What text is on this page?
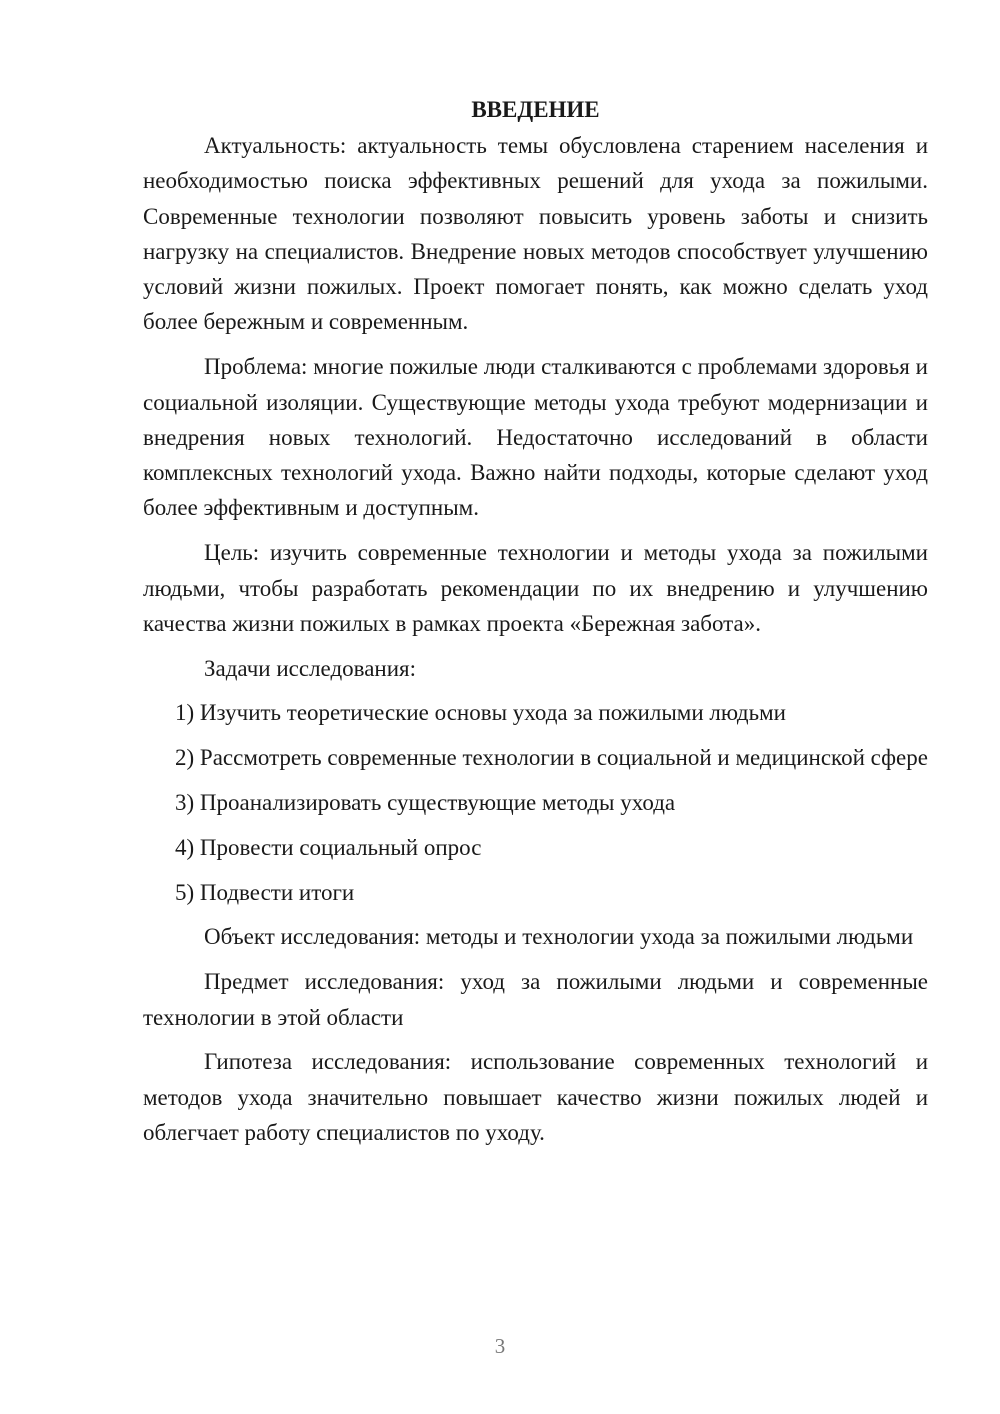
ВВЕДЕНИЕ

Актуальность: актуальность темы обусловлена старением населения и необходимостью поиска эффективных решений для ухода за пожилыми. Современные технологии позволяют повысить уровень заботы и снизить нагрузку на специалистов. Внедрение новых методов способствует улучшению условий жизни пожилых. Проект помогает понять, как можно сделать уход более бережным и современным.

Проблема: многие пожилые люди сталкиваются с проблемами здоровья и социальной изоляции. Существующие методы ухода требуют модернизации и внедрения новых технологий. Недостаточно исследований в области комплексных технологий ухода. Важно найти подходы, которые сделают уход более эффективным и доступным.

Цель: изучить современные технологии и методы ухода за пожилыми людьми, чтобы разработать рекомендации по их внедрению и улучшению качества жизни пожилых в рамках проекта «Бережная забота».

Задачи исследования:

1) Изучить теоретические основы ухода за пожилыми людьми

2) Рассмотреть современные технологии в социальной и медицинской сфере

3) Проанализировать существующие методы ухода

4) Провести социальный опрос

5) Подвести итоги

Объект исследования: методы и технологии ухода за пожилыми людьми

Предмет исследования: уход за пожилыми людьми и современные технологии в этой области

Гипотеза исследования: использование современных технологий и методов ухода значительно повышает качество жизни пожилых людей и облегчает работу специалистов по уходу.

3
